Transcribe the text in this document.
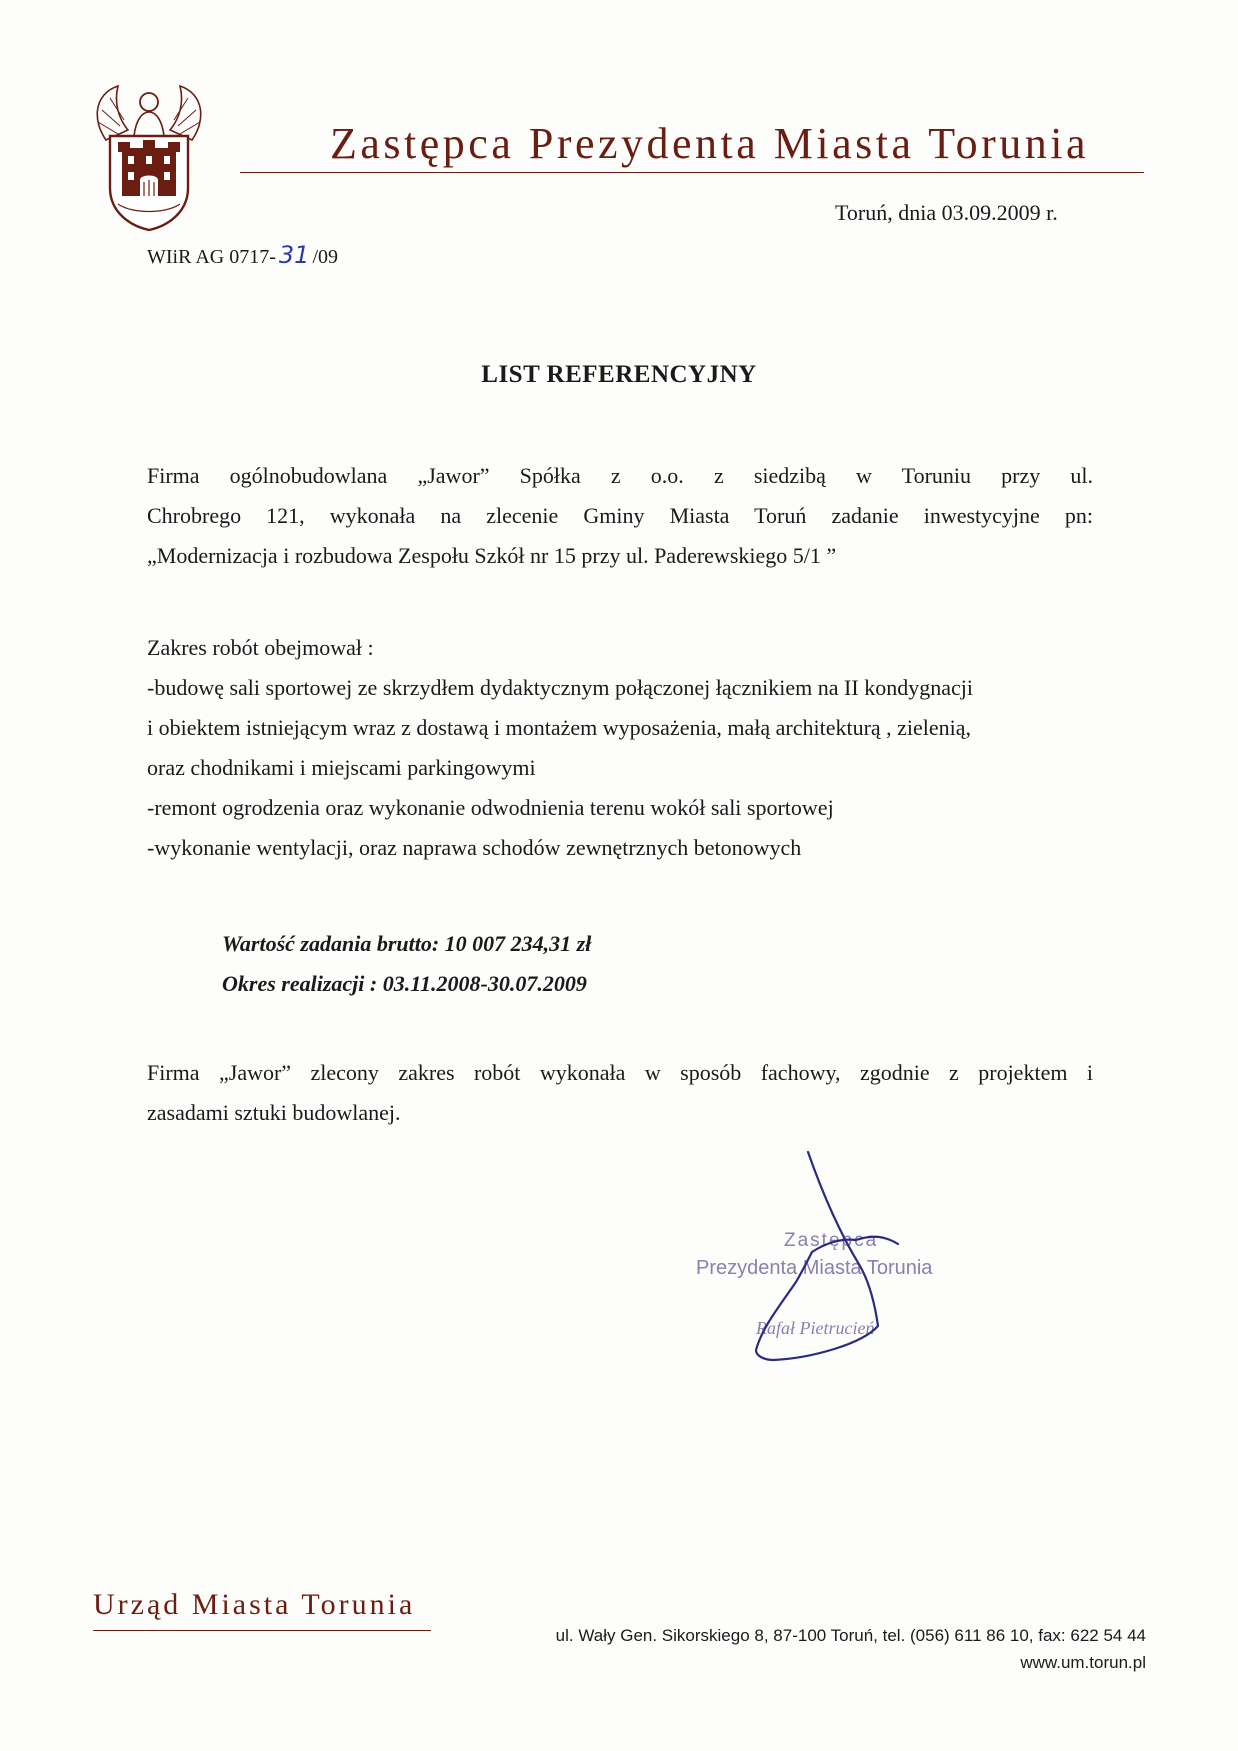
Zastępca Prezydenta Miasta Torunia
Toruń, dnia 03.09.2009 r.
WIiR AG 0717- 31 /09
LIST REFERENCYJNY
Firma ogólnobudowlana „Jawor” Spółka z o.o. z siedzibą w Toruniu przy ul.
Chrobrego 121, wykonała na zlecenie Gminy Miasta Toruń zadanie inwestycyjne pn:
„Modernizacja i rozbudowa Zespołu Szkół nr 15 przy ul. Paderewskiego 5/1 ”
Zakres robót obejmował :
-budowę sali sportowej ze skrzydłem dydaktycznym połączonej łącznikiem na II kondygnacji
i obiektem istniejącym wraz z dostawą i montażem wyposażenia, małą architekturą , zielenią,
oraz chodnikami i miejscami parkingowymi
-remont ogrodzenia oraz wykonanie odwodnienia terenu wokół sali sportowej
-wykonanie wentylacji, oraz naprawa schodów zewnętrznych betonowych
Wartość zadania brutto: 10 007 234,31 zł
Okres realizacji : 03.11.2008-30.07.2009
Firma „Jawor” zlecony zakres robót wykonała w sposób fachowy, zgodnie z projektem i
zasadami sztuki budowlanej.
Zastępca
Prezydenta Miasta Torunia
Rafał Pietrucień
Urząd Miasta Torunia
ul. Wały Gen. Sikorskiego 8, 87-100 Toruń, tel. (056) 611 86 10, fax: 622 54 44
www.um.torun.pl
